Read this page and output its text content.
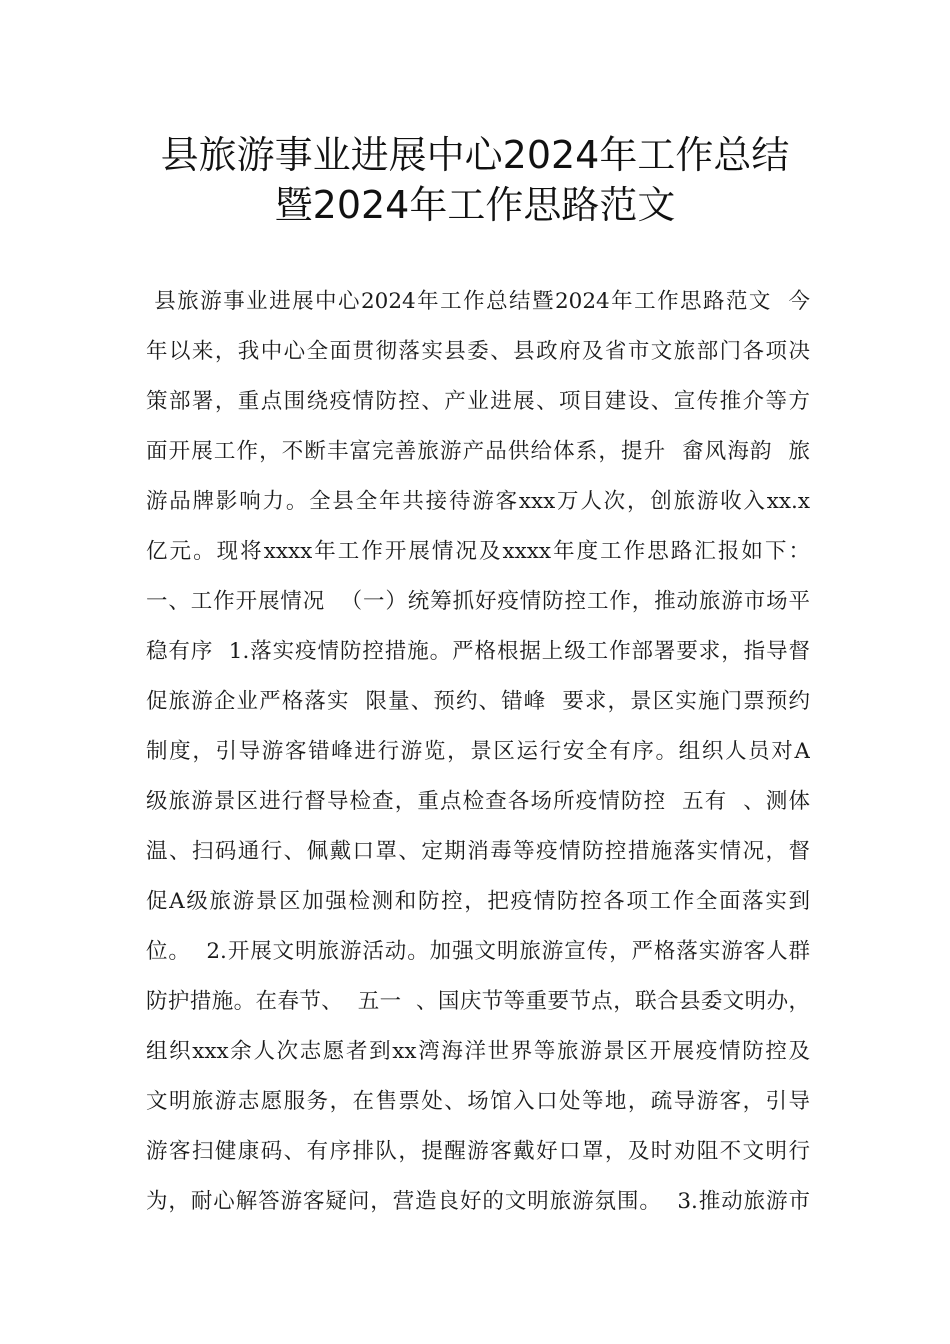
县旅游事业进展中心2024年工作总结
暨2024年工作思路范文
县旅游事业进展中心2024年工作总结暨2024年工作思路范文  今
年以来，我中心全面贯彻落实县委、县政府及省市文旅部门各项决
策部署，重点围绕疫情防控、产业进展、项目建设、宣传推介等方
面开展工作，不断丰富完善旅游产品供给体系，提升  畲风海韵  旅
游品牌影响力。全县全年共接待游客xxx万人次，创旅游收入xx.x
亿元。现将xxxx年工作开展情况及xxxx年度工作思路汇报如下：
一、工作开展情况  （一）统筹抓好疫情防控工作，推动旅游市场平
稳有序  1.落实疫情防控措施。严格根据上级工作部署要求，指导督
促旅游企业严格落实  限量、预约、错峰  要求，景区实施门票预约
制度，引导游客错峰进行游览，景区运行安全有序。组织人员对A
级旅游景区进行督导检查，重点检查各场所疫情防控  五有  、测体
温、扫码通行、佩戴口罩、定期消毒等疫情防控措施落实情况，督
促A级旅游景区加强检测和防控，把疫情防控各项工作全面落实到
位。  2.开展文明旅游活动。加强文明旅游宣传，严格落实游客人群
防护措施。在春节、  五一  、国庆节等重要节点，联合县委文明办，
组织xxx余人次志愿者到xx湾海洋世界等旅游景区开展疫情防控及
文明旅游志愿服务，在售票处、场馆入口处等地，疏导游客，引导
游客扫健康码、有序排队，提醒游客戴好口罩，及时劝阻不文明行
为，耐心解答游客疑问，营造良好的文明旅游氛围。  3.推动旅游市
